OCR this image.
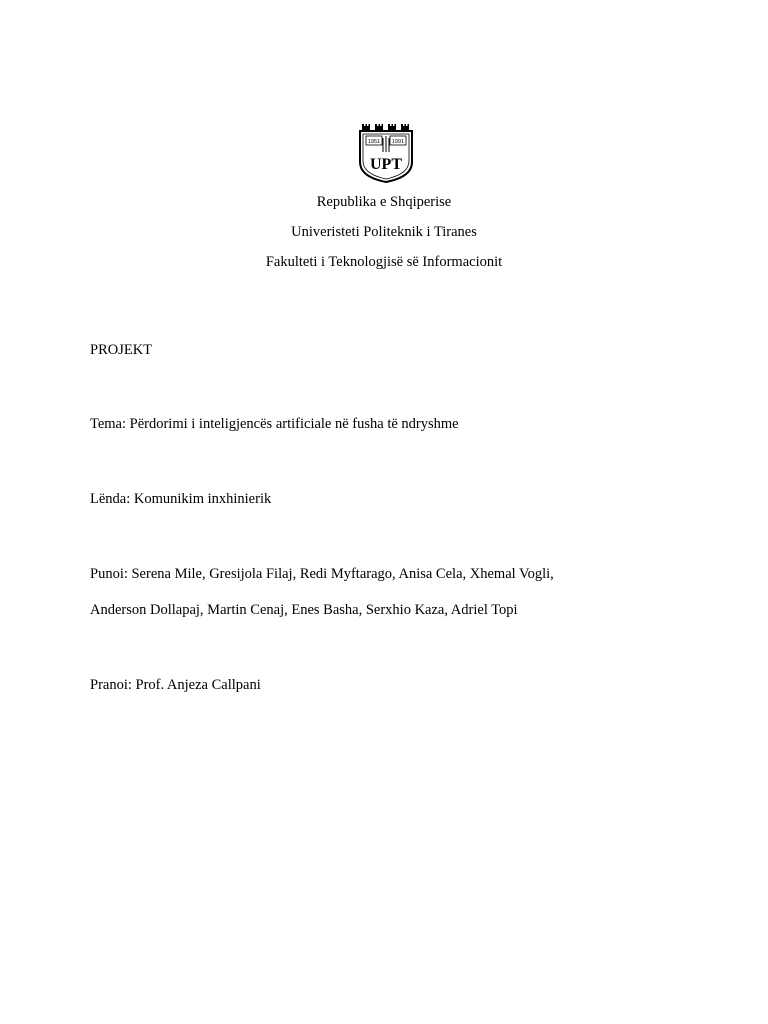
1951 1991
UPT
Republika e Shqiperise
Univeristeti Politeknik i Tiranes
Fakulteti i Teknologjisë së Informacionit
PROJEKT
Tema: Përdorimi i inteligjencës artificiale në fusha të ndryshme
Lënda: Komunikim inxhinierik
Punoi: Serena Mile, Gresijola Filaj, Redi Myftarago, Anisa Cela, Xhemal Vogli,
Anderson Dollapaj, Martin Cenaj, Enes Basha, Serxhio Kaza, Adriel Topi
Pranoi: Prof. Anjeza Callpani
